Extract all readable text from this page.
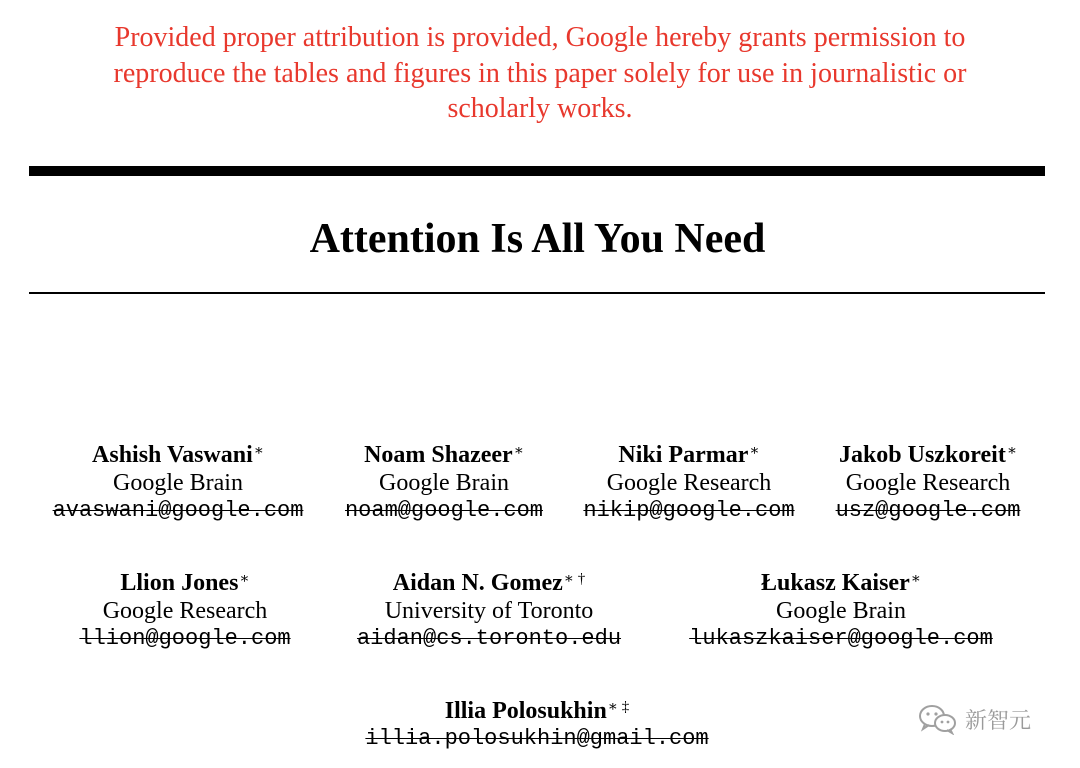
Provided proper attribution is provided, Google hereby grants permission to
reproduce the tables and figures in this paper solely for use in journalistic or
scholarly works.
Attention Is All You Need
Ashish Vaswani∗
Google Brain
avaswani@google.com
Noam Shazeer∗
Google Brain
noam@google.com
Niki Parmar∗
Google Research
nikip@google.com
Jakob Uszkoreit∗
Google Research
usz@google.com
Llion Jones∗
Google Research
llion@google.com
Aidan N. Gomez∗ †
University of Toronto
aidan@cs.toronto.edu
Łukasz Kaiser∗
Google Brain
lukaszkaiser@google.com
Illia Polosukhin∗ ‡
illia.polosukhin@gmail.com
新智元
